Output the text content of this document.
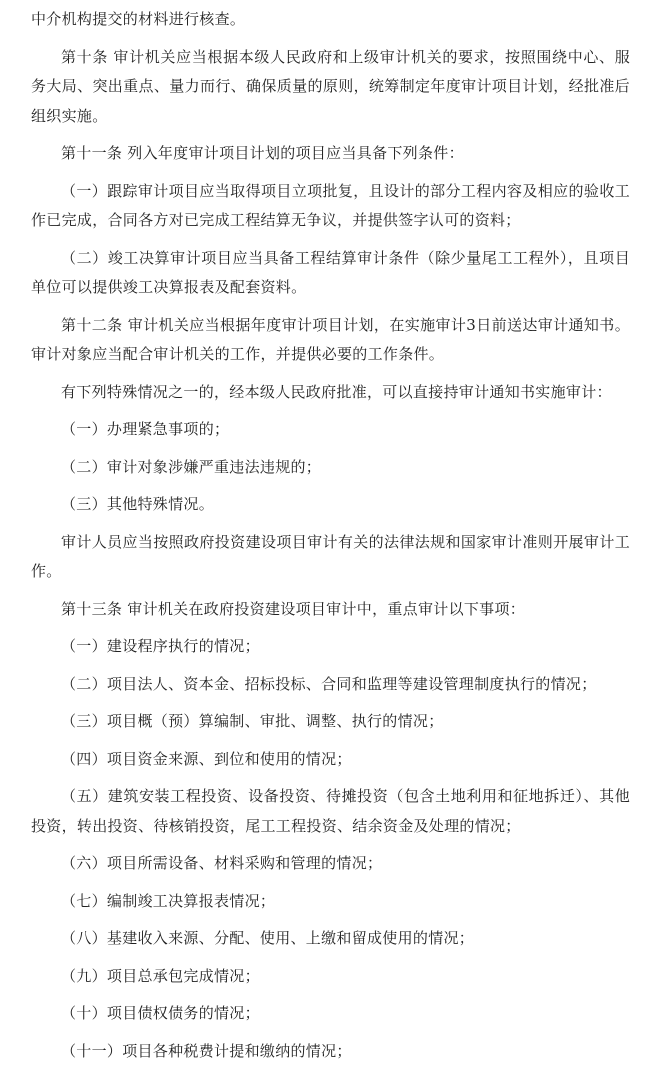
中介机构提交的材料进行核查。

第十条 审计机关应当根据本级人民政府和上级审计机关的要求，按照围绕中心、服务大局、突出重点、量力而行、确保质量的原则，统筹制定年度审计项目计划，经批准后组织实施。

第十一条 列入年度审计项目计划的项目应当具备下列条件：

（一）跟踪审计项目应当取得项目立项批复，且设计的部分工程内容及相应的验收工作已完成，合同各方对已完成工程结算无争议，并提供签字认可的资料；

（二）竣工决算审计项目应当具备工程结算审计条件（除少量尾工工程外），且项目单位可以提供竣工决算报表及配套资料。

第十二条 审计机关应当根据年度审计项目计划，在实施审计3日前送达审计通知书。审计对象应当配合审计机关的工作，并提供必要的工作条件。

有下列特殊情况之一的，经本级人民政府批准，可以直接持审计通知书实施审计：

（一）办理紧急事项的；

（二）审计对象涉嫌严重违法违规的；

（三）其他特殊情况。

审计人员应当按照政府投资建设项目审计有关的法律法规和国家审计准则开展审计工作。

第十三条 审计机关在政府投资建设项目审计中，重点审计以下事项：

（一）建设程序执行的情况；

（二）项目法人、资本金、招标投标、合同和监理等建设管理制度执行的情况；

（三）项目概（预）算编制、审批、调整、执行的情况；

（四）项目资金来源、到位和使用的情况；

（五）建筑安装工程投资、设备投资、待摊投资（包含土地利用和征地拆迁）、其他投资，转出投资、待核销投资，尾工工程投资、结余资金及处理的情况；

（六）项目所需设备、材料采购和管理的情况；

（七）编制竣工决算报表情况；

（八）基建收入来源、分配、使用、上缴和留成使用的情况；

（九）项目总承包完成情况；

（十）项目债权债务的情况；

（十一）项目各种税费计提和缴纳的情况；
